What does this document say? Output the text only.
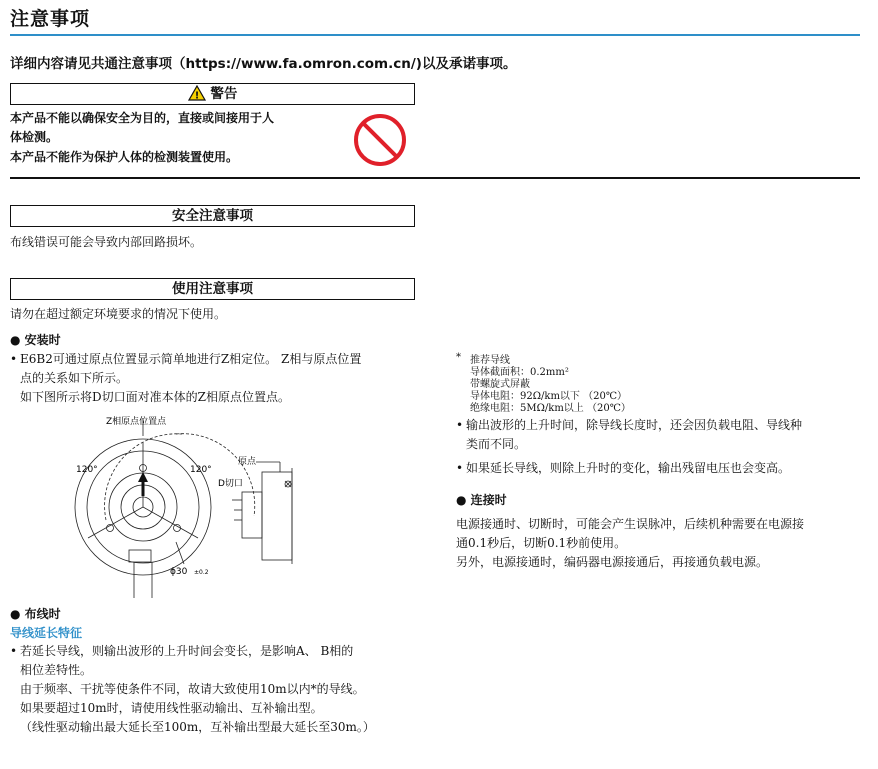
注意事项
详细内容请见共通注意事项（https://www.fa.omron.com.cn/)以及承诺事项。
! 警告
本产品不能以确保安全为目的，直接或间接用于人
体检测。
本产品不能作为保护人体的检测装置使用。
安全注意事项
布线错误可能会导致内部回路损坏。
使用注意事项
请勿在超过额定环境要求的情况下使用。
● 安装时
• E6B2可通过原点位置显示简单地进行Z相定位。 Z相与原点位置
点的关系如下所示。
如下图所示将D切口面对准本体的Z相原点位置点。
Z相原点位置点
120°	120°
原点
D切口
ϕ30 ±0.2
● 布线时
导线延长特征
• 若延长导线，则输出波形的上升时间会变长，是影响A、 B相的
相位差特性。
由于频率、干扰等使条件不同，故请大致使用10m以内*的导线。
如果要超过10m时，请使用线性驱动输出、互补输出型。
（线性驱动输出最大延长至100m，互补输出型最大延长至30m。）
* 推荐导线
导体截面积：0.2mm²
带螺旋式屏蔽
导体电阻：92Ω/km以下 （20℃）
绝缘电阻：5MΩ/km以上 （20℃）
• 输出波形的上升时间，除导线长度时，还会因负载电阻、导线种
类而不同。
• 如果延长导线，则除上升时的变化，输出残留电压也会变高。
● 连接时
电源接通时、切断时，可能会产生误脉冲，后续机种需要在电源接
通0.1秒后，切断0.1秒前使用。
另外，电源接通时，编码器电源接通后，再接通负载电源。
